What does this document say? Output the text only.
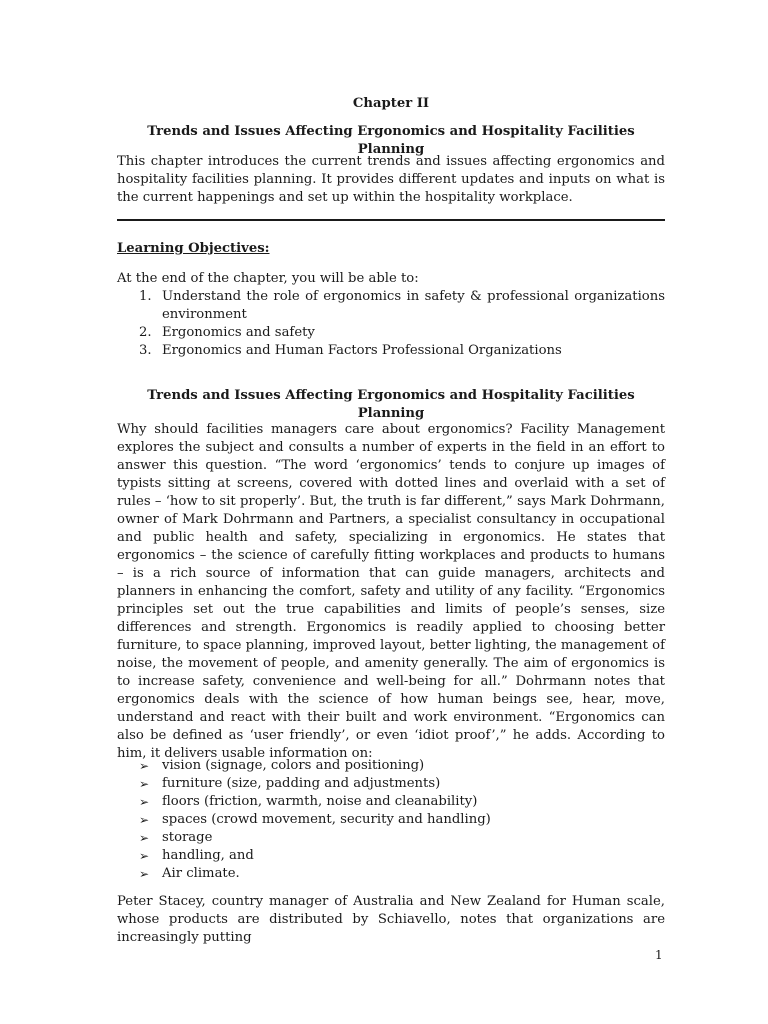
Chapter II
Trends and Issues Affecting Ergonomics and Hospitality Facilities Planning

This chapter introduces the current trends and issues affecting ergonomics and hospitality facilities planning. It provides different updates and inputs on what is the current happenings and set up within the hospitality workplace.

Learning Objectives:
At the end of the chapter, you will be able to:
1. Understand the role of ergonomics in safety & professional organizations environment
2. Ergonomics and safety
3. Ergonomics and Human Factors Professional Organizations
Trends and Issues Affecting Ergonomics and Hospitality Facilities Planning

Why should facilities managers care about ergonomics? Facility Management explores the subject and consults a number of experts in the field in an effort to answer this question. “The word ‘ergonomics’ tends to conjure up images of typists sitting at screens, covered with dotted lines and overlaid with a set of rules – ‘how to sit properly’. But, the truth is far different,” says Mark Dohrmann, owner of Mark Dohrmann and Partners, a specialist consultancy in occupational and public health and safety, specializing in ergonomics. He states that ergonomics – the science of carefully fitting workplaces and products to humans – is a rich source of information that can guide managers, architects and planners in enhancing the comfort, safety and utility of any facility. “Ergonomics principles set out the true capabilities and limits of people’s senses, size differences and strength. Ergonomics is readily applied to choosing better furniture, to space planning, improved layout, better lighting, the management of noise, the movement of people, and amenity generally. The aim of ergonomics is to increase safety, convenience and well-being for all.” Dohrmann notes that ergonomics deals with the science of how human beings see, hear, move, understand and react with their built and work environment. “Ergonomics can also be defined as ‘user friendly’, or even ‘idiot proof’,” he adds. According to him, it delivers usable information on:

➢ vision (signage, colors and positioning)
➢ furniture (size, padding and adjustments)
➢ floors (friction, warmth, noise and cleanability)
➢ spaces (crowd movement, security and handling)
➢ storage
➢ handling, and
➢ Air climate.

Peter Stacey, country manager of Australia and New Zealand for Human scale, whose products are distributed by Schiavello, notes that organizations are increasingly putting

1
